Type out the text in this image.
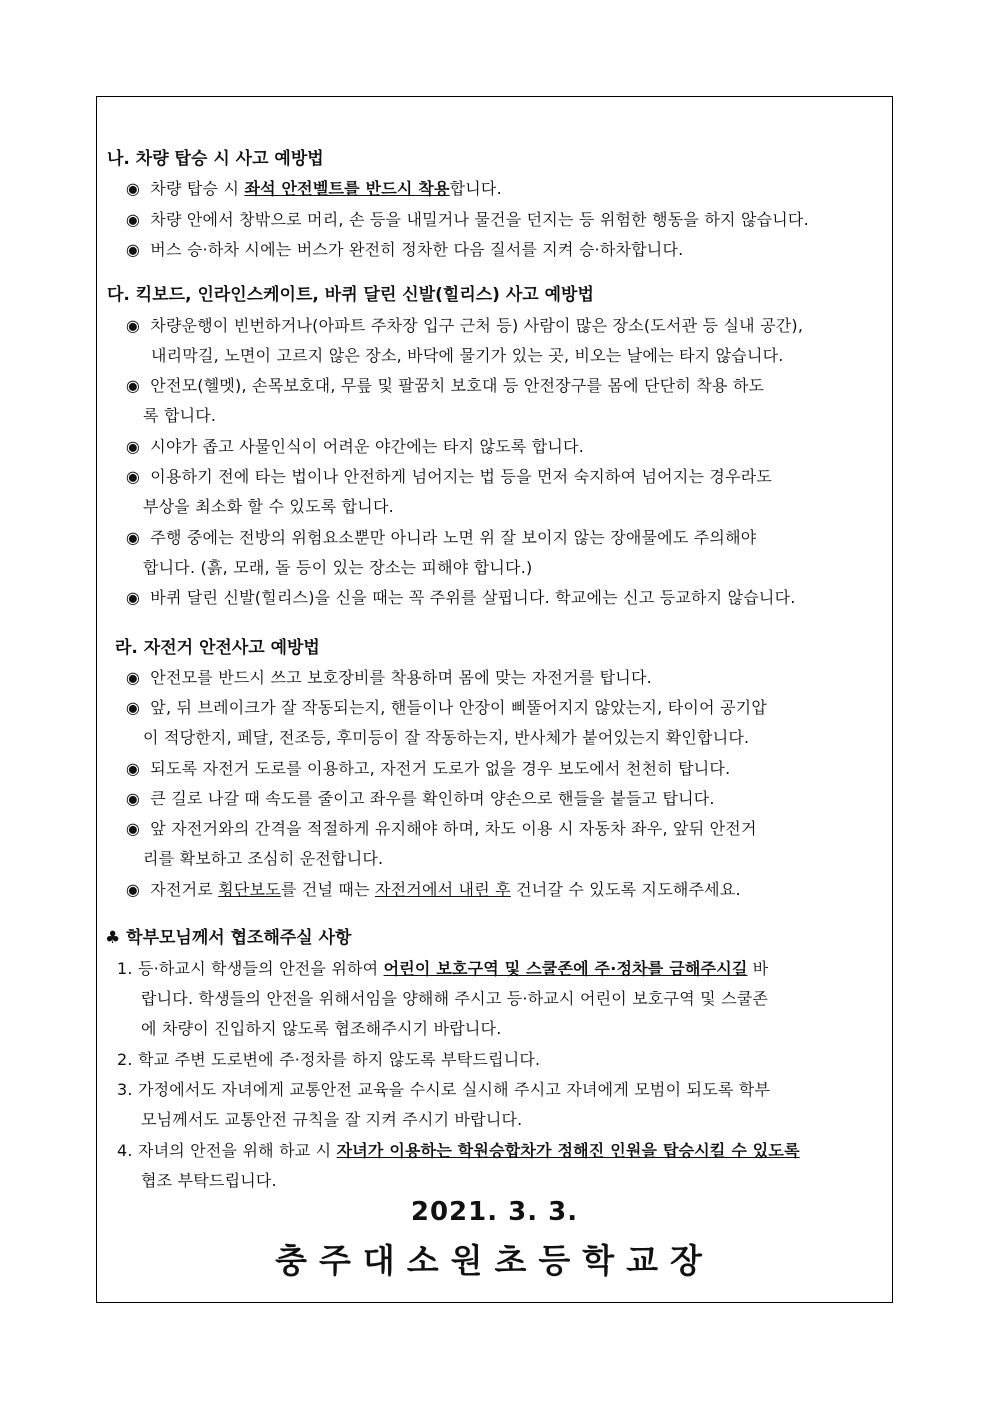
나. 차량 탑승 시 사고 예방법
◉ 차량 탑승 시 좌석 안전벨트를 반드시 착용합니다.
◉ 차량 안에서 창밖으로 머리, 손 등을 내밀거나 물건을 던지는 등 위험한 행동을 하지 않습니다.
◉ 버스 승·하차 시에는 버스가 완전히 정차한 다음 질서를 지켜 승·하차합니다.
다. 킥보드, 인라인스케이트, 바퀴 달린 신발(힐리스) 사고 예방법
◉ 차량운행이 빈번하거나(아파트 주차장 입구 근처 등) 사람이 많은 장소(도서관 등 실내 공간),
내리막길, 노면이 고르지 않은 장소, 바닥에 물기가 있는 곳, 비오는 날에는 타지 않습니다.
◉ 안전모(헬멧), 손목보호대, 무릎 및 팔꿈치 보호대 등 안전장구를 몸에 단단히 착용 하도
록 합니다.
◉ 시야가 좁고 사물인식이 어려운 야간에는 타지 않도록 합니다.
◉ 이용하기 전에 타는 법이나 안전하게 넘어지는 법 등을 먼저 숙지하여 넘어지는 경우라도
부상을 최소화 할 수 있도록 합니다.
◉ 주행 중에는 전방의 위험요소뿐만 아니라 노면 위 잘 보이지 않는 장애물에도 주의해야
합니다. (흙, 모래, 돌 등이 있는 장소는 피해야 합니다.)
◉ 바퀴 달린 신발(힐리스)을 신을 때는 꼭 주위를 살핍니다. 학교에는 신고 등교하지 않습니다.
라. 자전거 안전사고 예방법
◉ 안전모를 반드시 쓰고 보호장비를 착용하며 몸에 맞는 자전거를 탑니다.
◉ 앞, 뒤 브레이크가 잘 작동되는지, 핸들이나 안장이 삐뚤어지지 않았는지, 타이어 공기압
이 적당한지, 페달, 전조등, 후미등이 잘 작동하는지, 반사체가 붙어있는지 확인합니다.
◉ 되도록 자전거 도로를 이용하고, 자전거 도로가 없을 경우 보도에서 천천히 탑니다.
◉ 큰 길로 나갈 때 속도를 줄이고 좌우를 확인하며 양손으로 핸들을 붙들고 탑니다.
◉ 앞 자전거와의 간격을 적절하게 유지해야 하며, 차도 이용 시 자동차 좌우, 앞뒤 안전거
리를 확보하고 조심히 운전합니다.
◉ 자전거로 횡단보도를 건널 때는 자전거에서 내린 후 건너갈 수 있도록 지도해주세요.
♣ 학부모님께서 협조해주실 사항
1. 등·하교시 학생들의 안전을 위하여 어린이 보호구역 및 스쿨존에 주·정차를 금해주시길 바
랍니다. 학생들의 안전을 위해서임을 양해해 주시고 등·하교시 어린이 보호구역 및 스쿨존
에 차량이 진입하지 않도록 협조해주시기 바랍니다.
2. 학교 주변 도로변에 주·정차를 하지 않도록 부탁드립니다.
3. 가정에서도 자녀에게 교통안전 교육을 수시로 실시해 주시고 자녀에게 모범이 되도록 학부
모님께서도 교통안전 규칙을 잘 지켜 주시기 바랍니다.
4. 자녀의 안전을 위해 하교 시 자녀가 이용하는 학원승합차가 정해진 인원을 탑승시킬 수 있도록
협조 부탁드립니다.
2021. 3. 3.
충주대소원초등학교장
